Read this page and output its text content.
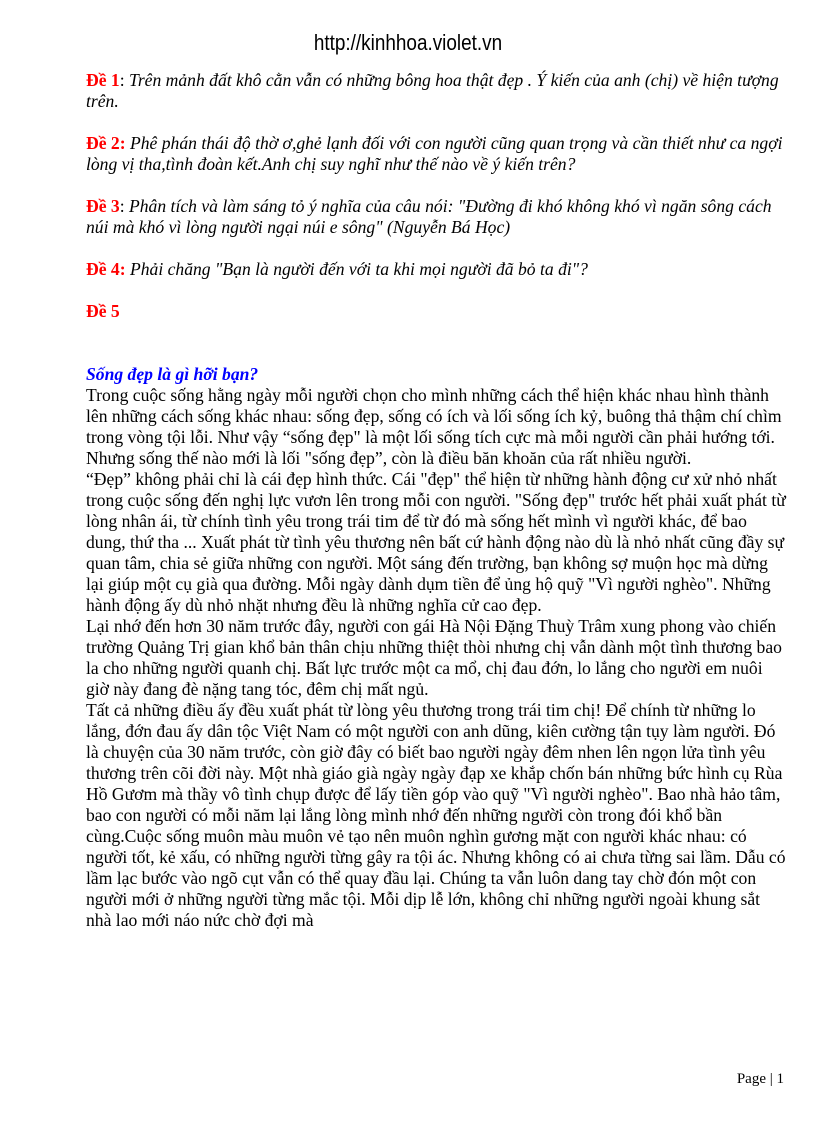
http://kinhhoa.violet.vn

Đề 1: Trên mảnh đất khô cằn vẫn có những bông hoa thật đẹp . Ý kiến của anh (chị) về hiện tượng trên.

Đề 2: Phê phán thái độ thờ ơ,ghẻ lạnh đối với con người cũng quan trọng và cần thiết như ca ngợi lòng vị tha,tình đoàn kết.Anh chị suy nghĩ như thế nào về ý kiến trên?

Đề 3: Phân tích và làm sáng tỏ ý nghĩa của câu nói: "Đường đi khó không khó vì ngăn sông cách núi mà khó vì lòng người ngại núi e sông" (Nguyễn Bá Học)

Đề 4: Phải chăng "Bạn là người đến với ta khi mọi người đã bỏ ta đi"?

Đề 5

Sống đẹp là gì hỡi bạn?

Trong cuộc sống hằng ngày mỗi người chọn cho mình những cách thể hiện khác nhau hình thành lên những cách sống khác nhau: sống đẹp, sống có ích và lối sống ích kỷ, buông thả thậm chí chìm trong vòng tội lỗi. Như vậy “sống đẹp" là một lối sống tích cực mà mỗi người cần phải hướng tới. Nhưng sống thế nào mới là lối "sống đẹp”, còn là điều băn khoăn của rất nhiều người.

“Đẹp” không phải chỉ là cái đẹp hình thức. Cái "đẹp" thể hiện từ những hành động cư xử nhỏ nhất trong cuộc sống đến nghị lực vươn lên trong mỗi con người. "Sống đẹp" trước hết phải xuất phát từ lòng nhân ái, từ chính tình yêu trong trái tim để từ đó mà sống hết mình vì người khác, để bao dung, thứ tha ... Xuất phát từ tình yêu thương nên bất cứ hành động nào dù là nhỏ nhất cũng đầy sự quan tâm, chia sẻ giữa những con người. Một sáng đến trường, bạn không sợ muộn học mà dừng lại giúp một cụ già qua đường. Mỗi ngày dành dụm tiền để ủng hộ quỹ "Vì người nghèo". Những hành động ấy dù nhỏ nhặt nhưng đều là những nghĩa cử cao đẹp.

Lại nhớ đến hơn 30 năm trước đây, người con gái Hà Nội Đặng Thuỳ Trâm xung phong vào chiến trường Quảng Trị gian khổ bản thân chịu những thiệt thòi nhưng chị vẫn dành một tình thương bao la cho những người quanh chị. Bất lực trước một ca mổ, chị đau đớn, lo lắng cho người em nuôi giờ này đang đè nặng tang tóc, đêm chị mất ngủ.

Tất cả những điều ấy đều xuất phát từ lòng yêu thương trong trái tim chị! Để chính từ những lo lắng, đớn đau ấy dân tộc Việt Nam có một người con anh dũng, kiên cường tận tụy làm người. Đó là chuyện của 30 năm trước, còn giờ đây có biết bao người ngày đêm nhen lên ngọn lửa tình yêu thương trên cõi đời này. Một nhà giáo già ngày ngày đạp xe khắp chốn bán những bức hình cụ Rùa Hồ Gươm mà thầy vô tình chụp được để lấy tiền góp vào quỹ "Vì người nghèo". Bao nhà hảo tâm, bao con người có mỗi năm lại lắng lòng mình nhớ đến những người còn trong đói khổ bần cùng.Cuộc sống muôn màu muôn vẻ tạo nên muôn nghìn gương mặt con người khác nhau: có người tốt, kẻ xấu, có những người từng gây ra tội ác. Nhưng không có ai chưa từng sai lầm. Dẫu có lầm lạc bước vào ngõ cụt vẫn có thể quay đầu lại. Chúng ta vẫn luôn dang tay chờ đón một con người mới ở những người từng mắc tội. Mỗi dịp lễ lớn, không chỉ những người ngoài khung sắt nhà lao mới náo nức chờ đợi mà

Page | 1
